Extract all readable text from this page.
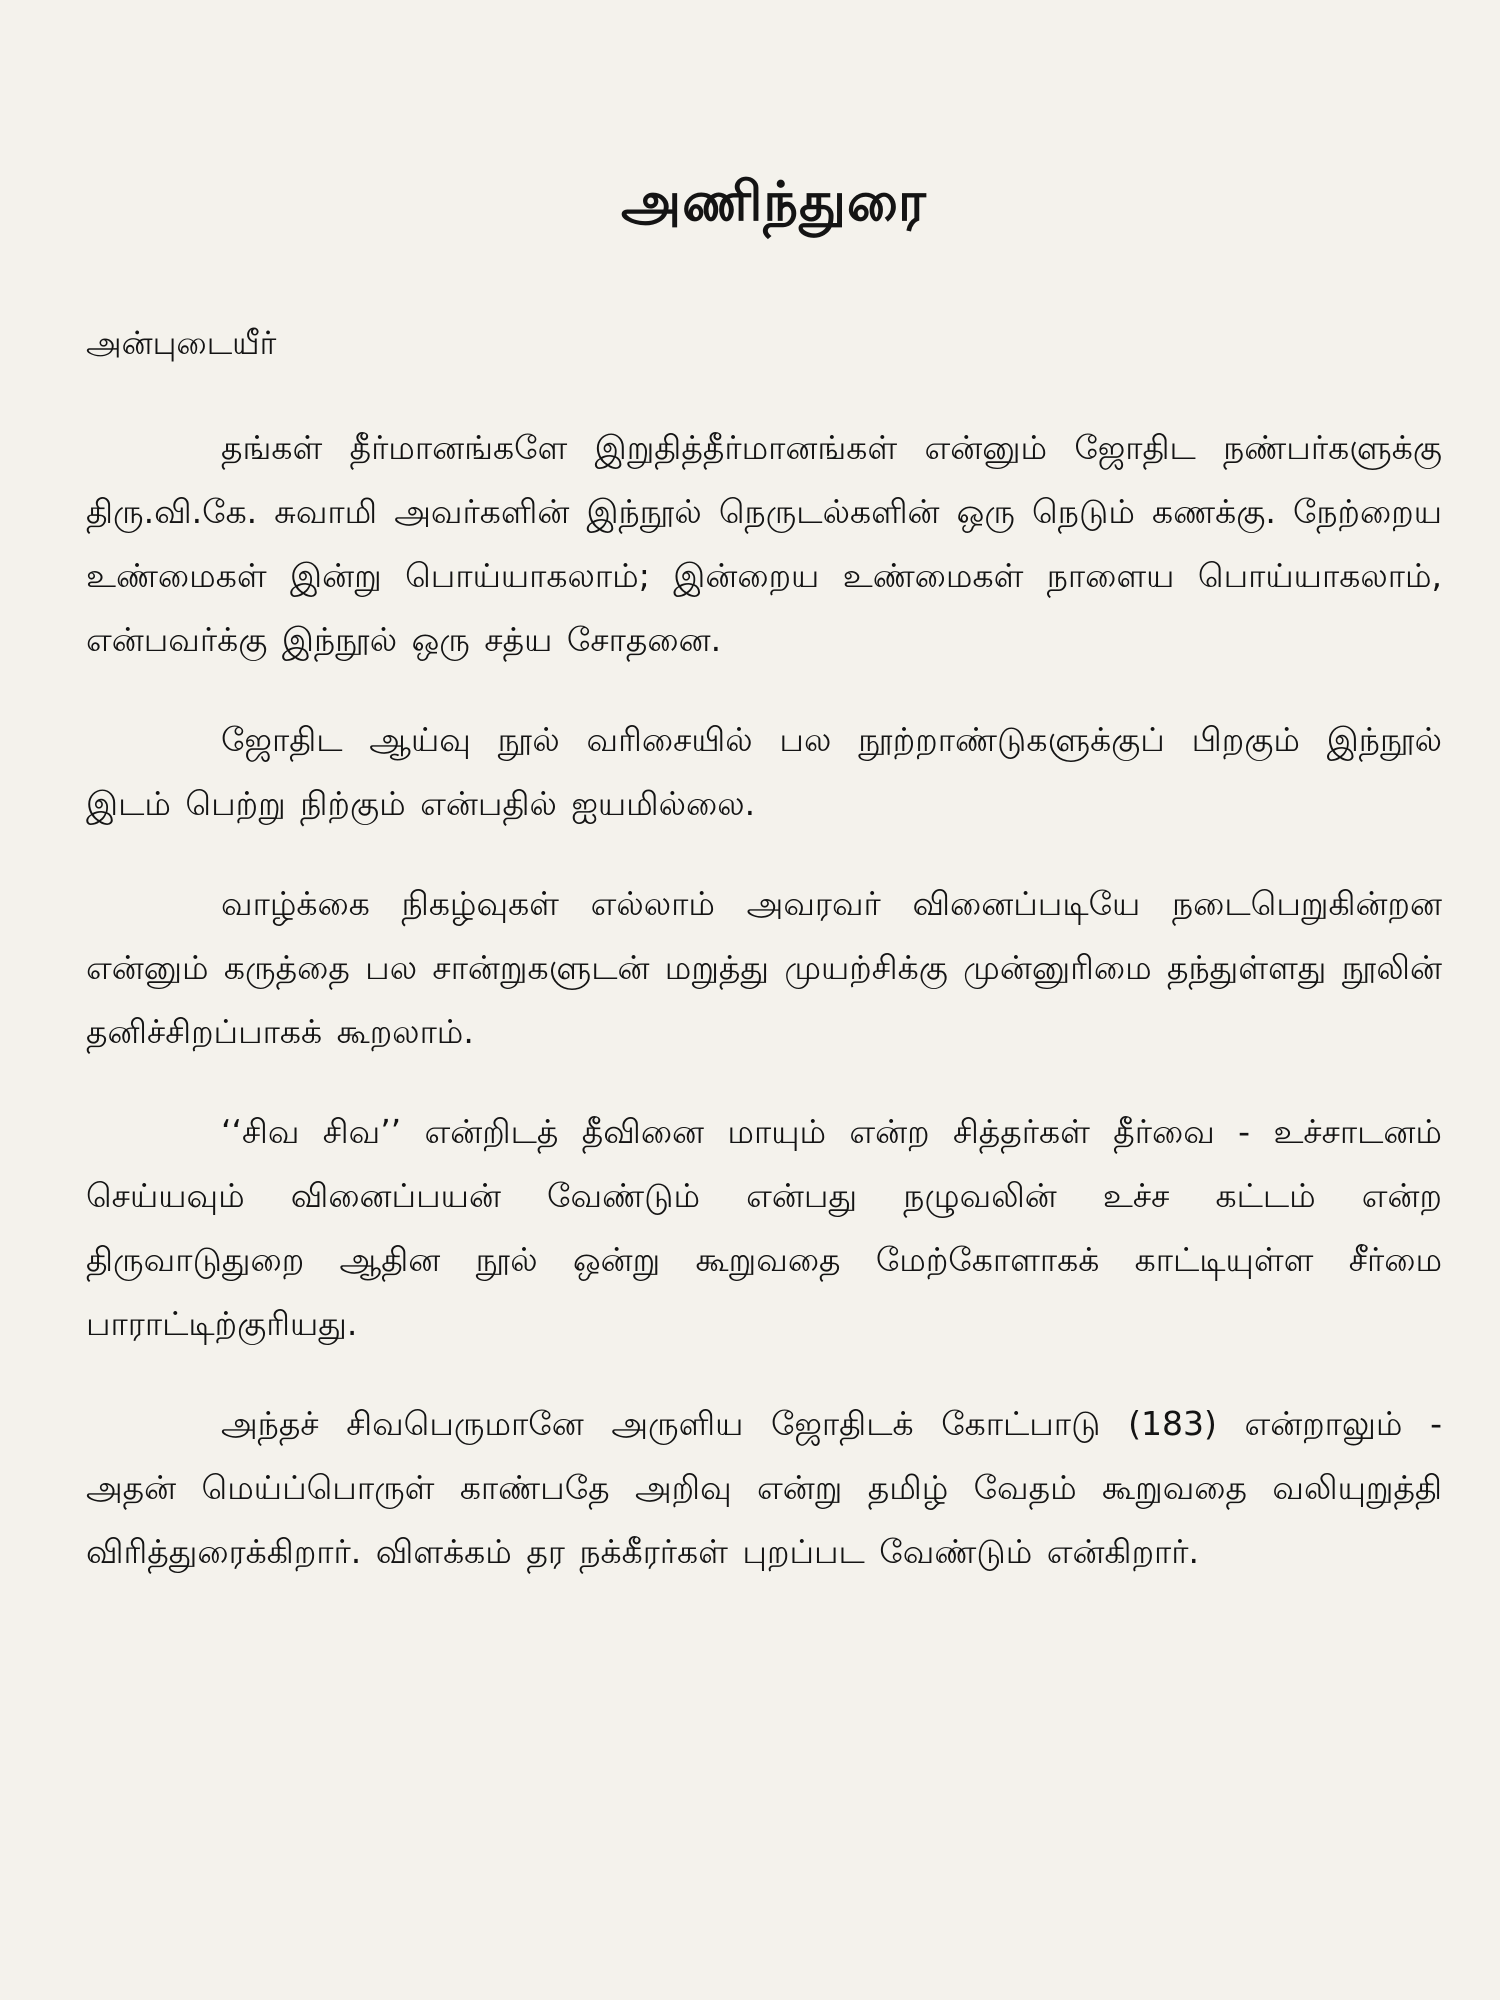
அணிந்துரை

அன்புடையீர்

தங்கள் தீர்மானங்களே இறுதித்தீர்மானங்கள் என்னும் ஜோதிட நண்பர்களுக்கு திரு.வி.கே. சுவாமி அவர்களின் இந்நூல் நெருடல்களின் ஒரு நெடும் கணக்கு. நேற்றைய உண்மைகள் இன்று பொய்யாகலாம்; இன்றைய உண்மைகள் நாளைய பொய்யாகலாம், என்பவர்க்கு இந்நூல் ஒரு சத்ய சோதனை.

ஜோதிட ஆய்வு நூல் வரிசையில் பல நூற்றாண்டுகளுக்குப் பிறகும் இந்நூல் இடம் பெற்று நிற்கும் என்பதில் ஐயமில்லை.

வாழ்க்கை நிகழ்வுகள் எல்லாம் அவரவர் வினைப்படியே நடைபெறுகின்றன என்னும் கருத்தை பல சான்றுகளுடன் மறுத்து முயற்சிக்கு முன்னுரிமை தந்துள்ளது நூலின் தனிச்சிறப்பாகக் கூறலாம்.

‘‘சிவ சிவ’’ என்றிடத் தீவினை மாயும் என்ற சித்தர்கள் தீர்வை - உச்சாடனம் செய்யவும் வினைப்பயன் வேண்டும் என்பது நழுவலின் உச்ச கட்டம் என்ற திருவாடுதுறை ஆதின நூல் ஒன்று கூறுவதை மேற்கோளாகக் காட்டியுள்ள சீர்மை பாராட்டிற்குரியது.

அந்தச் சிவபெருமானே அருளிய ஜோதிடக் கோட்பாடு (183) என்றாலும் - அதன் மெய்ப்பொருள் காண்பதே அறிவு என்று தமிழ் வேதம் கூறுவதை வலியுறுத்தி விரித்துரைக்கிறார். விளக்கம் தர நக்கீரர்கள் புறப்பட வேண்டும் என்கிறார்.
